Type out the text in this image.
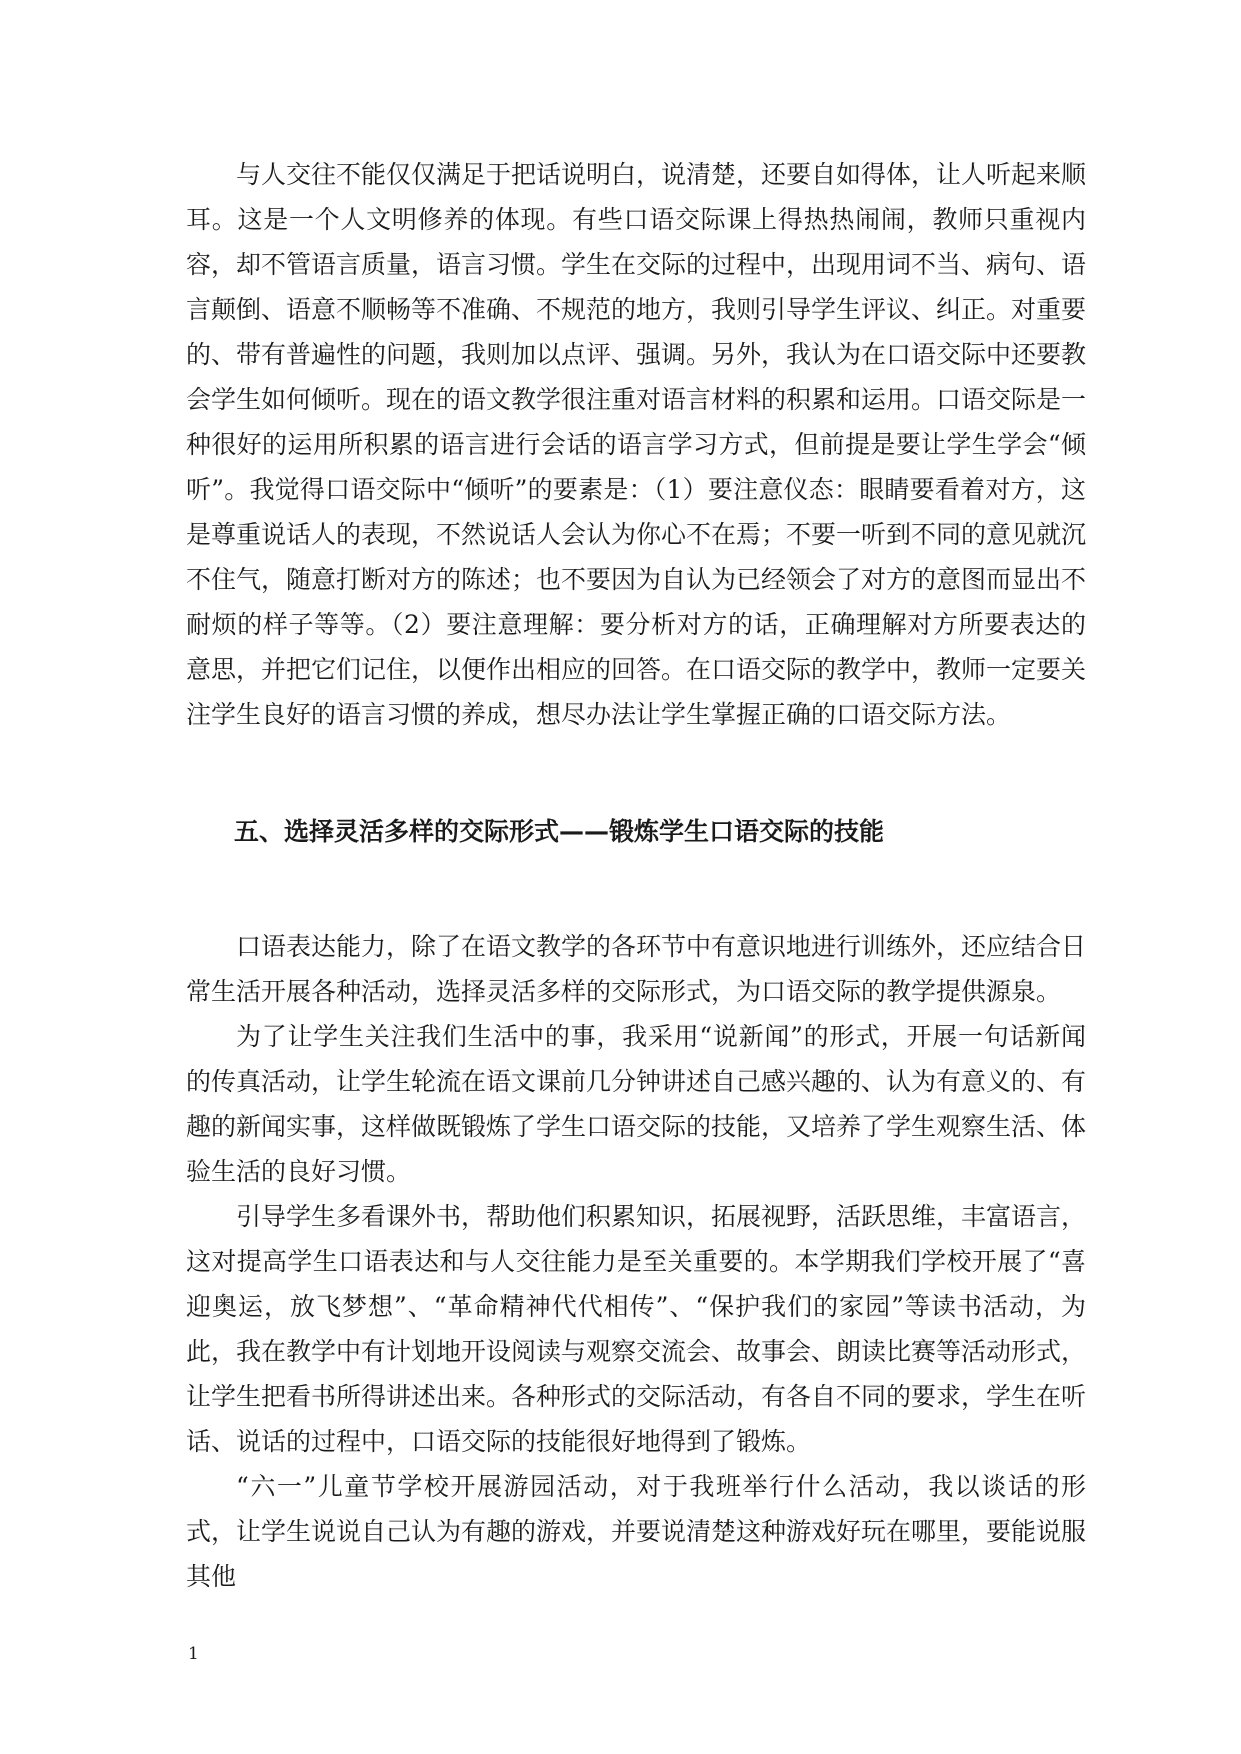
与人交往不能仅仅满足于把话说明白，说清楚，还要自如得体，让人听起来顺耳。这是一个人文明修养的体现。有些口语交际课上得热热闹闹，教师只重视内容，却不管语言质量，语言习惯。学生在交际的过程中，出现用词不当、病句、语言颠倒、语意不顺畅等不准确、不规范的地方，我则引导学生评议、纠正。对重要的、带有普遍性的问题，我则加以点评、强调。另外，我认为在口语交际中还要教会学生如何倾听。现在的语文教学很注重对语言材料的积累和运用。口语交际是一种很好的运用所积累的语言进行会话的语言学习方式，但前提是要让学生学会“倾听”。我觉得口语交际中“倾听”的要素是：（1）要注意仪态：眼睛要看着对方，这是尊重说话人的表现，不然说话人会认为你心不在焉；不要一听到不同的意见就沉不住气，随意打断对方的陈述；也不要因为自认为已经领会了对方的意图而显出不耐烦的样子等等。（2）要注意理解：要分析对方的话，正确理解对方所要表达的意思，并把它们记住，以便作出相应的回答。在口语交际的教学中，教师一定要关注学生良好的语言习惯的养成，想尽办法让学生掌握正确的口语交际方法。

五、选择灵活多样的交际形式——锻炼学生口语交际的技能

口语表达能力，除了在语文教学的各环节中有意识地进行训练外，还应结合日常生活开展各种活动，选择灵活多样的交际形式，为口语交际的教学提供源泉。

为了让学生关注我们生活中的事，我采用“说新闻”的形式，开展一句话新闻的传真活动，让学生轮流在语文课前几分钟讲述自己感兴趣的、认为有意义的、有趣的新闻实事，这样做既锻炼了学生口语交际的技能，又培养了学生观察生活、体验生活的良好习惯。

引导学生多看课外书，帮助他们积累知识，拓展视野，活跃思维，丰富语言，这对提高学生口语表达和与人交往能力是至关重要的。本学期我们学校开展了“喜迎奥运，放飞梦想”、“革命精神代代相传”、“保护我们的家园”等读书活动，为此，我在教学中有计划地开设阅读与观察交流会、故事会、朗读比赛等活动形式，让学生把看书所得讲述出来。各种形式的交际活动，有各自不同的要求，学生在听话、说话的过程中，口语交际的技能很好地得到了锻炼。

“六一”儿童节学校开展游园活动，对于我班举行什么活动，我以谈话的形式，让学生说说自己认为有趣的游戏，并要说清楚这种游戏好玩在哪里，要能说服其他

1
